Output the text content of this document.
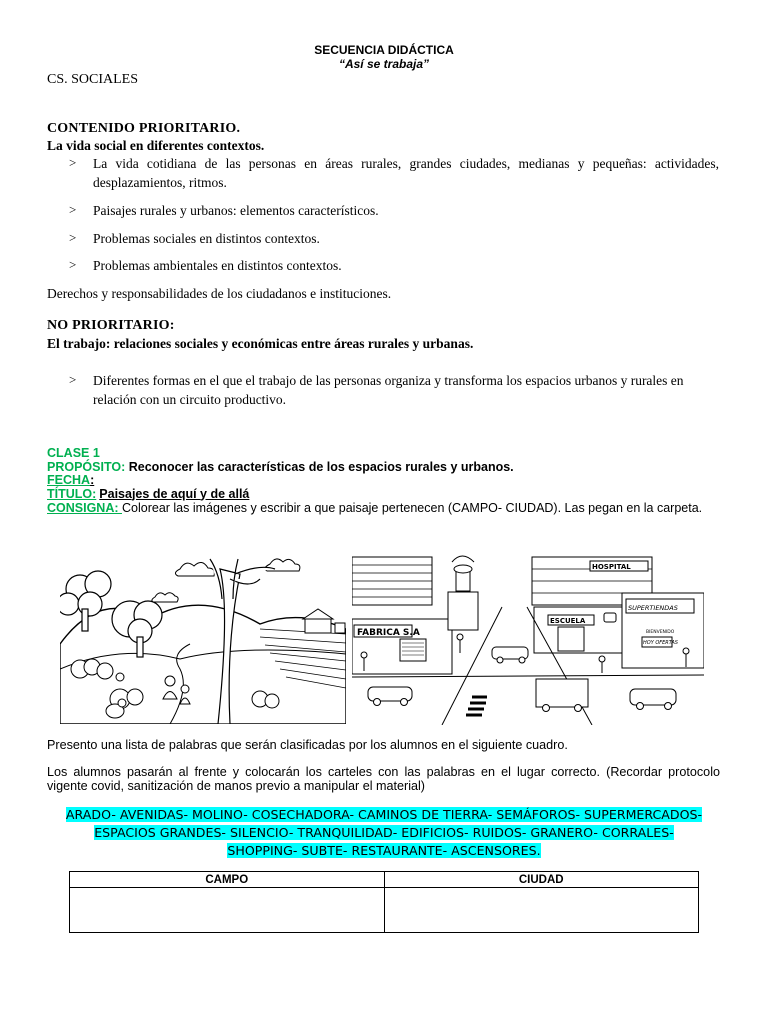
SECUENCIA DIDÁCTICA
“Así se trabaja”
CS. SOCIALES
CONTENIDO PRIORITARIO.
La vida social en diferentes contextos.
> La vida cotidiana de las personas en áreas rurales, grandes ciudades, medianas y pequeñas: actividades, desplazamientos, ritmos.
> Paisajes rurales y urbanos: elementos característicos.
> Problemas sociales en distintos contextos.
> Problemas ambientales en distintos contextos.
Derechos y responsabilidades de los ciudadanos e instituciones.
NO PRIORITARIO:
El trabajo: relaciones sociales y económicas entre áreas rurales y urbanas.
> Diferentes formas en el que el trabajo de las personas organiza y transforma los espacios urbanos y rurales en relación con un circuito productivo.
CLASE 1
PROPÓSITO: Reconocer las características de los espacios rurales y urbanos.
FECHA:
TÍTULO: Paisajes de aquí y de allá
CONSIGNA: Colorear las imágenes y escribir a que paisaje pertenecen (CAMPO- CIUDAD). Las pegan en la carpeta.
FABRICA S.A
HOSPITAL
ESCUELA
SUPERTIENDAS
BIENVENIDO
HOY OFERTAS
Presento una lista de palabras que serán clasificadas por los alumnos en el siguiente cuadro.
Los alumnos pasarán al frente y colocarán los carteles con las palabras en el lugar correcto. (Recordar protocolo vigente covid, sanitización de manos previo a manipular el material)
ARADO- AVENIDAS- MOLINO- COSECHADORA- CAMINOS DE TIERRA- SEMÁFOROS- SUPERMERCADOS-
ESPACIOS GRANDES- SILENCIO- TRANQUILIDAD- EDIFICIOS- RUIDOS- GRANERO- CORRALES-
SHOPPING- SUBTE- RESTAURANTE- ASCENSORES.
CAMPO	CIUDAD
